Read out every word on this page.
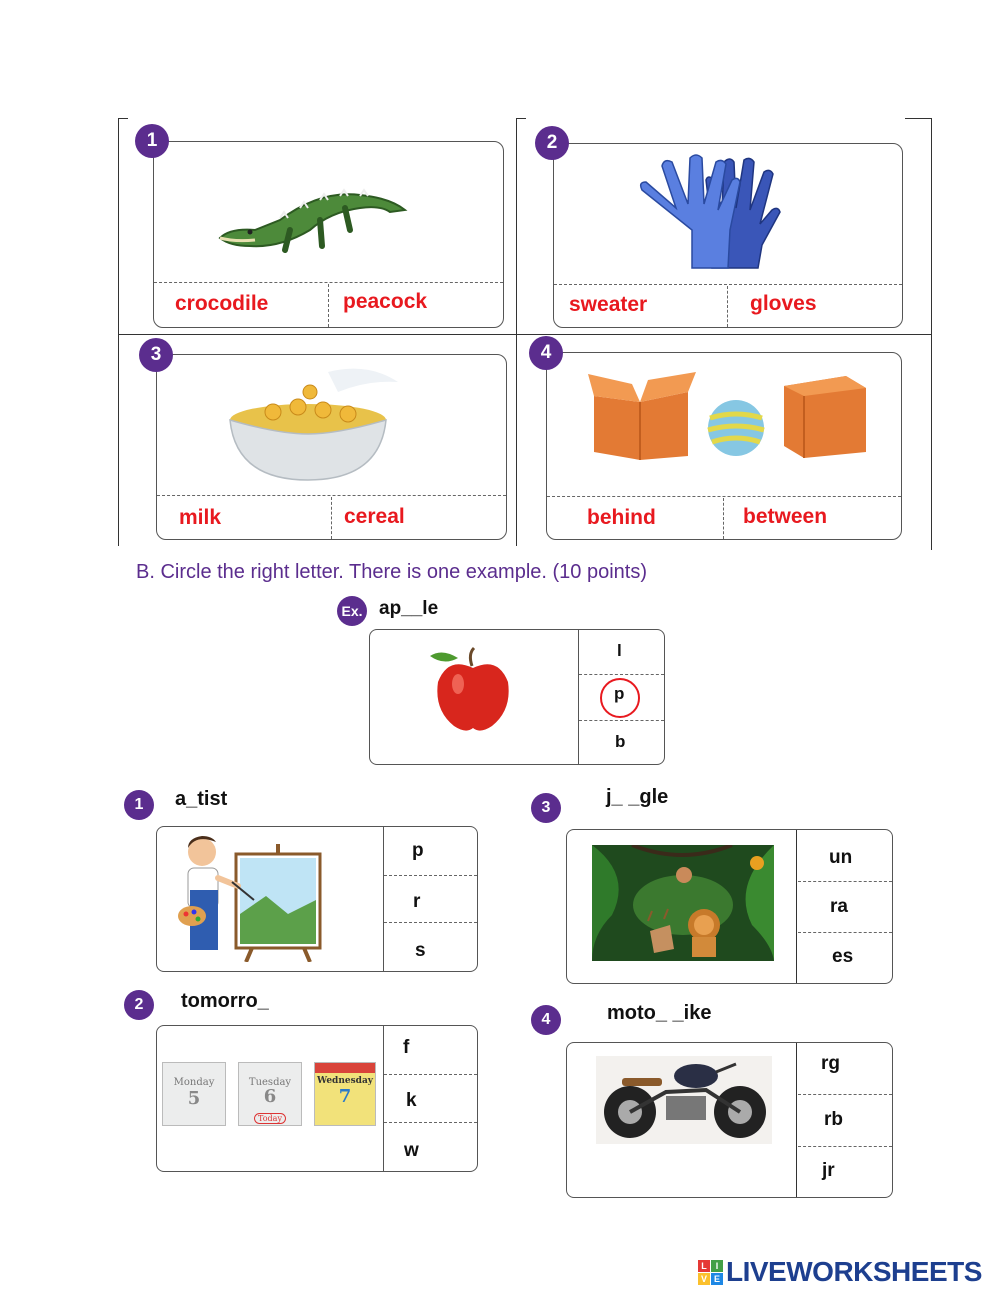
1
crocodile	peacock
2
sweater	gloves
3
milk	cereal
4
behind	between
B. Circle the right letter. There is one example. (10 points)
Ex. ap__le
l
p
b
1	a_tist
p
r
s
2	tomorro_
Monday
5
Tuesday
6
Today
Wednesday
7
f
k
w
3	j_ _gle
un
ra
es
4	moto_ _ike
rg
rb
jr
L I
V E LIVEWORKSHEETS
